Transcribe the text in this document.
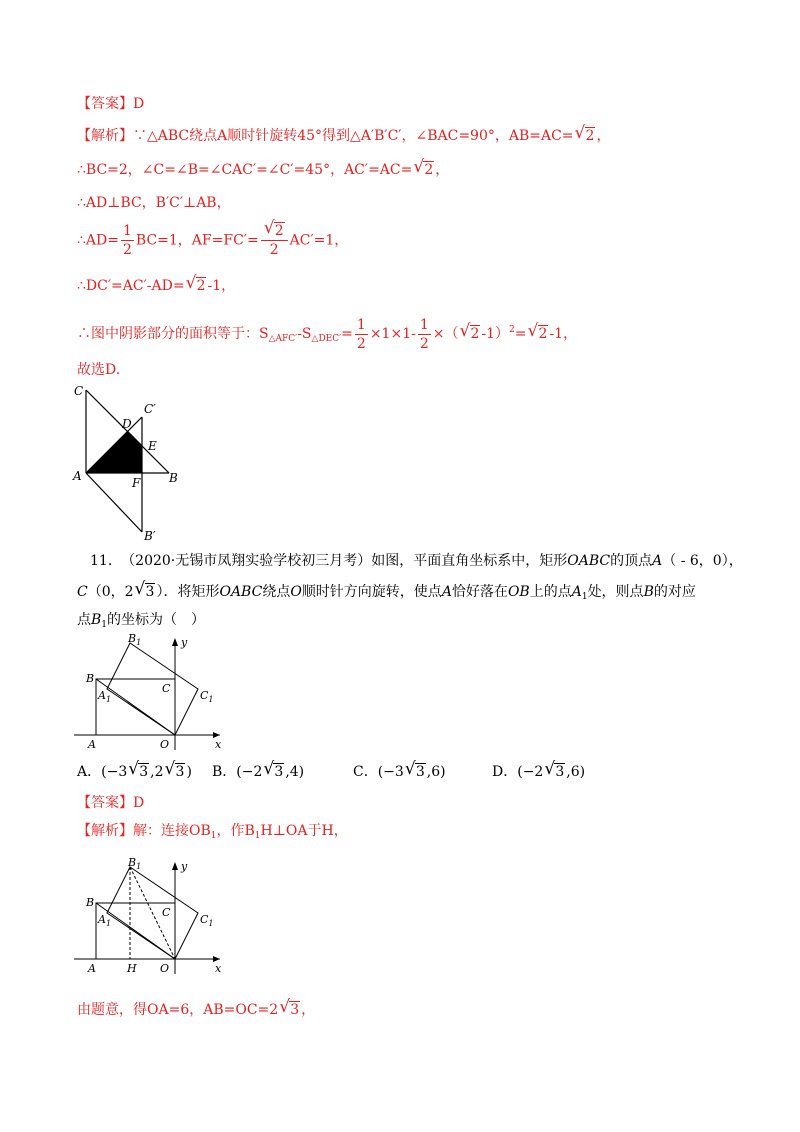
【答案】D
【解析】∵△ABC绕点A顺时针旋转45°得到△A′B′C′，∠BAC=90°，AB=AC= √ 2 ，
∴BC=2，∠C=∠B=∠CAC′=∠C′=45°，AC′=AC= √ 2 ，
∴AD⊥BC，B′C′⊥AB，
∴AD= $\frac{1}{2} BC=1$，AF=FC′= √ $\frac{2}{2} AC'=1$，
∴DC′=AC′-AD= √ 2 -1，
∴图中阴影部分的面积等于：$S_{\triangle AFC'}-S_{\triangle DEC'}= \frac{1}{2} \times 1\times 1- \frac{1}{2}$ ×（ √ 2 -1）$^2$= √ 2 -1，
故选D.
C
C′
D
E
A	F B
B′
11. （2020·无锡市凤翔实验学校初三月考）如图，平面直角坐标系中，矩形OABC的顶点A（ - 6，0），
C（0，2 √ 3 ）．将矩形OABC绕点O顺时针方向旋转，使点A恰好落在OB上的点$A_1$处，则点B的对应
点$B_1$的坐标为（　）
$B_1$	y
B
C
$A_1$	$C_1$
A	O	x
A．(−3 √ 3 ,2 √ 3 ) B．(−2 √ 3 ,4)	C．(−3 √ 3 ,6)	D．(−2 √ 3 ,6)
【答案】D
【解析】解：连接$OB_1$，作$B_1H\perp OA$于H，
$B_1$	y
B
C
$A_1$	$C_1$
A	H O	x
由题意，得OA=6，AB=OC=2 √ 3 ，
